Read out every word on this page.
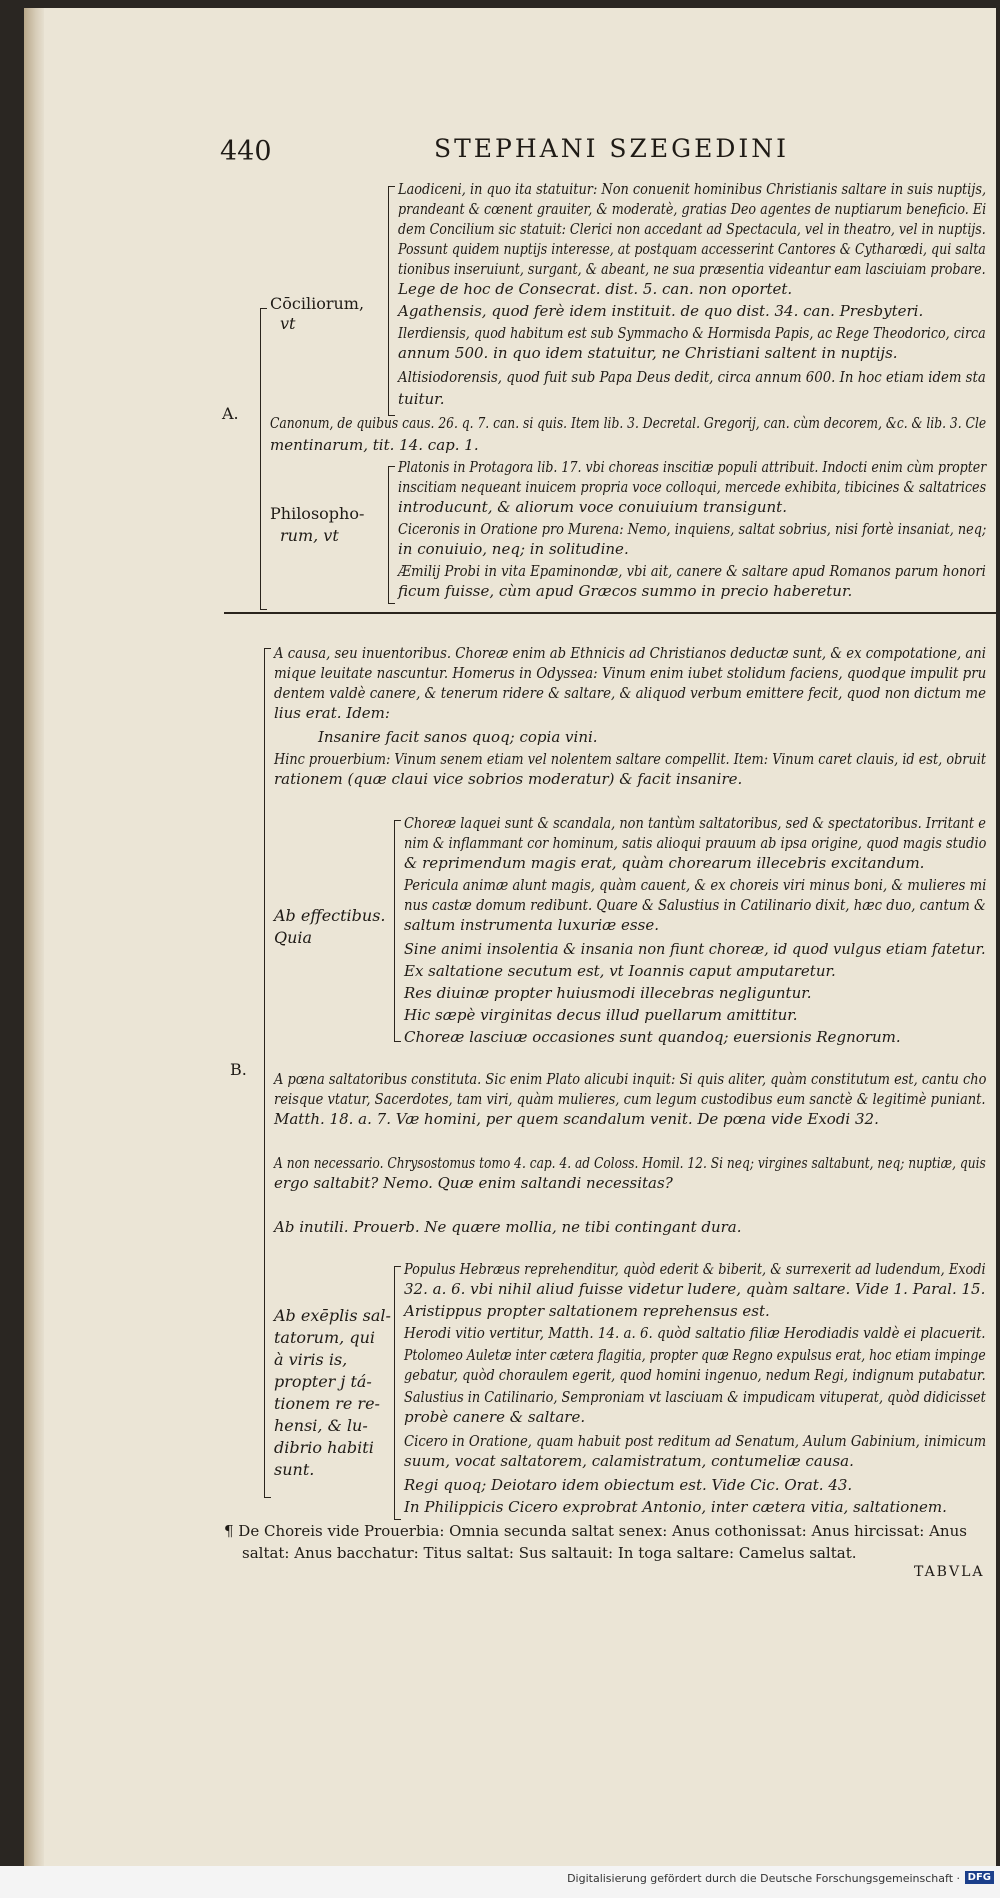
440	STEPHANI SZEGEDINI
A.
Cōciliorum,
vt
Laodiceni, in quo ita statuitur: Non conuenit hominibus Christianis saltare in suis nuptijs,
prandeant & cœnent grauiter, & moderatè, gratias Deo agentes de nuptiarum beneficio. Ei
dem Concilium sic statuit: Clerici non accedant ad Spectacula, vel in theatro, vel in nuptijs.
Possunt quidem nuptijs interesse, at postquam accesserint Cantores & Cytharœdi, qui salta
tionibus inseruiunt, surgant, & abeant, ne sua præsentia videantur eam lasciuiam probare.
Lege de hoc de Consecrat. dist. 5. can. non oportet.
Agathensis, quod ferè idem instituit. de quo dist. 34. can. Presbyteri.
Ilerdiensis, quod habitum est sub Symmacho & Hormisda Papis, ac Rege Theodorico, circa
annum 500. in quo idem statuitur, ne Christiani saltent in nuptijs.
Altisiodorensis, quod fuit sub Papa Deus dedit, circa annum 600. In hoc etiam idem sta
tuitur.
Canonum, de quibus caus. 26. q. 7. can. si quis. Item lib. 3. Decretal. Gregorij, can. cùm decorem, &c. & lib. 3. Cle
mentinarum, tit. 14. cap. 1.
Philosopho-
rum, vt
Platonis in Protagora lib. 17. vbi choreas inscitiæ populi attribuit. Indocti enim cùm propter
inscitiam nequeant inuicem propria voce colloqui, mercede exhibita, tibicines & saltatrices
introducunt, & aliorum voce conuiuium transigunt.
Ciceronis in Oratione pro Murena: Nemo, inquiens, saltat sobrius, nisi fortè insaniat, neq;
in conuiuio, neq; in solitudine.
Æmilij Probi in vita Epaminondæ, vbi ait, canere & saltare apud Romanos parum honori
ficum fuisse, cùm apud Græcos summo in precio haberetur.
B.
A causa, seu inuentoribus. Choreæ enim ab Ethnicis ad Christianos deductæ sunt, & ex compotatione, ani
mique leuitate nascuntur. Homerus in Odyssea: Vinum enim iubet stolidum faciens, quodque impulit pru
dentem valdè canere, & tenerum ridere & saltare, & aliquod verbum emittere fecit, quod non dictum me
lius erat. Idem:
Insanire facit sanos quoq; copia vini.
Hinc prouerbium: Vinum senem etiam vel nolentem saltare compellit. Item: Vinum caret clauis, id est, obruit
rationem (quæ claui vice sobrios moderatur) & facit insanire.
Ab effectibus.
Quia
Choreæ laquei sunt & scandala, non tantùm saltatoribus, sed & spectatoribus. Irritant e
nim & inflammant cor hominum, satis alioqui prauum ab ipsa origine, quod magis studio
& reprimendum magis erat, quàm chorearum illecebris excitandum.
Pericula animæ alunt magis, quàm cauent, & ex choreis viri minus boni, & mulieres mi
nus castæ domum redibunt. Quare & Salustius in Catilinario dixit, hæc duo, cantum &
saltum instrumenta luxuriæ esse.
Sine animi insolentia & insania non fiunt choreæ, id quod vulgus etiam fatetur.
Ex saltatione secutum est, vt Ioannis caput amputaretur.
Res diuinæ propter huiusmodi illecebras negliguntur.
Hic sæpè virginitas decus illud puellarum amittitur.
Choreæ lasciuæ occasiones sunt quandoq; euersionis Regnorum.
A pœna saltatoribus constituta. Sic enim Plato alicubi inquit: Si quis aliter, quàm constitutum est, cantu cho
reisque vtatur, Sacerdotes, tam viri, quàm mulieres, cum legum custodibus eum sanctè & legitimè puniant.
Matth. 18. a. 7. Væ homini, per quem scandalum venit. De pœna vide Exodi 32.
A non necessario. Chrysostomus tomo 4. cap. 4. ad Coloss. Homil. 12. Si neq; virgines saltabunt, neq; nuptiæ, quis
ergo saltabit? Nemo. Quæ enim saltandi necessitas?
Ab inutili. Prouerb. Ne quære mollia, ne tibi contingant dura.
Ab exēplis sal-
tatorum, qui
à viris is,
propter j tá-
tionem re re-
hensi, & lu-
dibrio habiti
sunt.
Populus Hebræus reprehenditur, quòd ederit & biberit, & surrexerit ad ludendum, Exodi
32. a. 6. vbi nihil aliud fuisse videtur ludere, quàm saltare. Vide 1. Paral. 15.
Aristippus propter saltationem reprehensus est.
Herodi vitio vertitur, Matth. 14. a. 6. quòd saltatio filiæ Herodiadis valdè ei placuerit.
Ptolomeo Auletæ inter cætera flagitia, propter quæ Regno expulsus erat, hoc etiam impinge
gebatur, quòd choraulem egerit, quod homini ingenuo, nedum Regi, indignum putabatur.
Salustius in Catilinario, Semproniam vt lasciuam & impudicam vituperat, quòd didicisset
probè canere & saltare.
Cicero in Oratione, quam habuit post reditum ad Senatum, Aulum Gabinium, inimicum
suum, vocat saltatorem, calamistratum, contumeliæ causa.
Regi quoq; Deiotaro idem obiectum est. Vide Cic. Orat. 43.
In Philippicis Cicero exprobrat Antonio, inter cætera vitia, saltationem.
¶ De Choreis vide Prouerbia: Omnia secunda saltat senex: Anus cothonissat: Anus hircissat: Anus
saltat: Anus bacchatur: Titus saltat: Sus saltauit: In toga saltare: Camelus saltat.
TABVLA
Digitalisierung gefördert durch die Deutsche Forschungsgemeinschaft · DFG
